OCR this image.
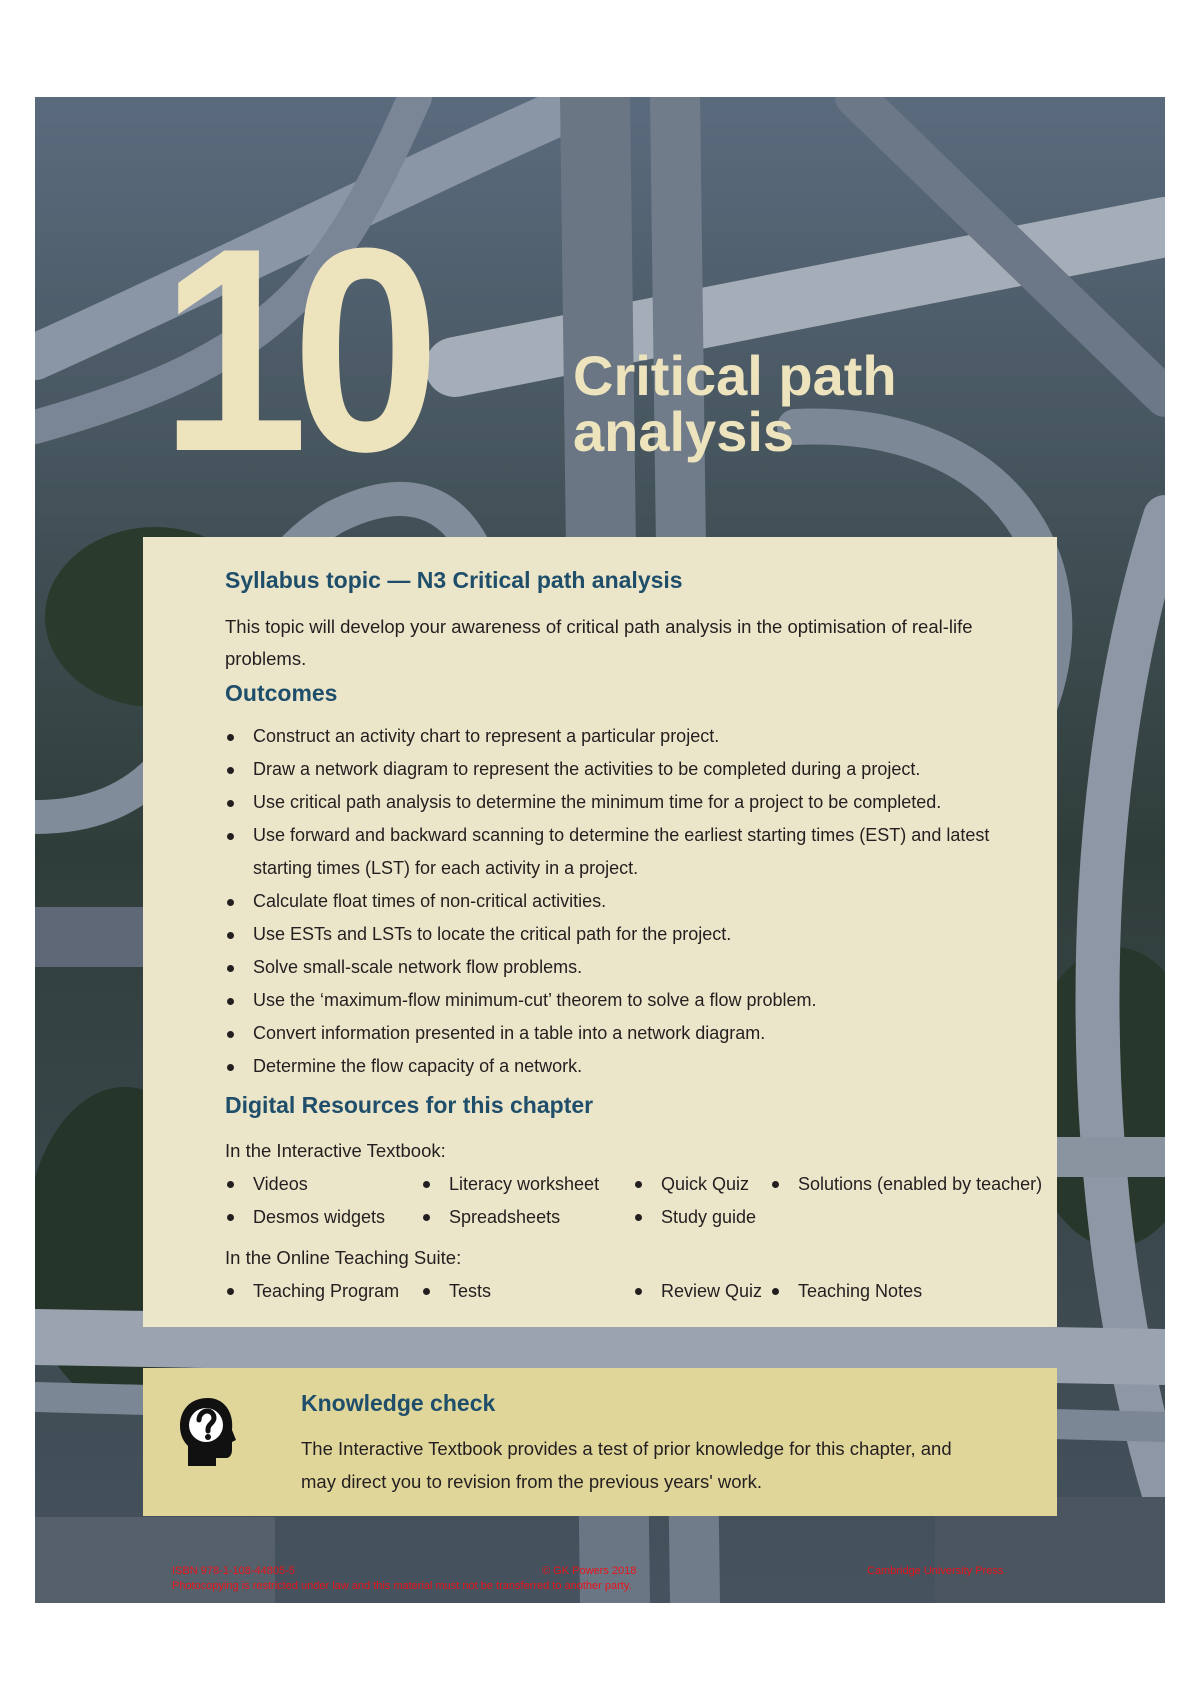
10	Critical path
analysis
Syllabus topic — N3 Critical path analysis
This topic will develop your awareness of critical path analysis in the optimisation of real-life problems.
Outcomes
Construct an activity chart to represent a particular project.
Draw a network diagram to represent the activities to be completed during a project.
Use critical path analysis to determine the minimum time for a project to be completed.
Use forward and backward scanning to determine the earliest starting times (EST) and latest starting times (LST) for each activity in a project.
Calculate float times of non-critical activities.
Use ESTs and LSTs to locate the critical path for the project.
Solve small-scale network flow problems.
Use the ‘maximum-flow minimum-cut’ theorem to solve a flow problem.
Convert information presented in a table into a network diagram.
Determine the flow capacity of a network.
Digital Resources for this chapter
In the Interactive Textbook:
Videos	Literacy worksheet	Quick Quiz	Solutions (enabled by teacher)
Desmos widgets	Spreadsheets	Study guide
In the Online Teaching Suite:
Teaching Program	Tests	Review Quiz	Teaching Notes
Knowledge check
The Interactive Textbook provides a test of prior knowledge for this chapter, and may direct you to revision from the previous years' work.
ISBN 978-1-108-44805-5	© GK Powers 2018	Cambridge University Press
Photocopying is restricted under law and this material must not be transferred to another party.
